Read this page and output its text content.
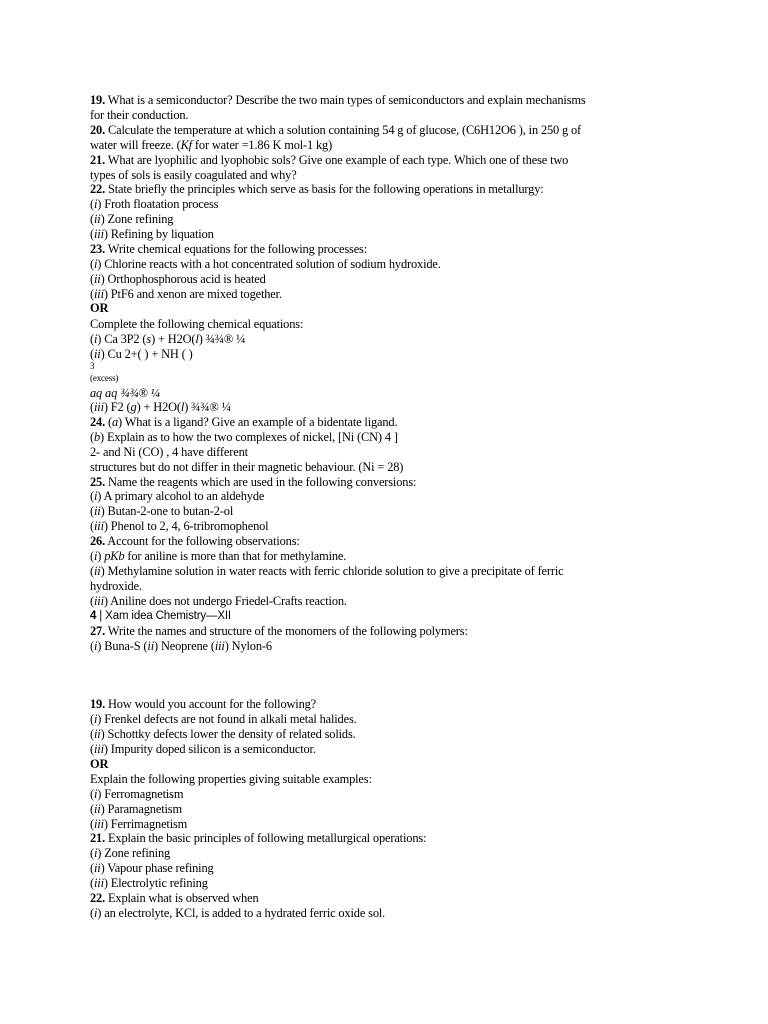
19. What is a semiconductor? Describe the two main types of semiconductors and explain mechanisms
for their conduction.
20. Calculate the temperature at which a solution containing 54 g of glucose, (C6H12O6 ), in 250 g of
water will freeze. (Kf for water =1.86 K mol-1 kg)
21. What are lyophilic and lyophobic sols? Give one example of each type. Which one of these two
types of sols is easily coagulated and why?
22. State briefly the principles which serve as basis for the following operations in metallurgy:
(i) Froth floatation process
(ii) Zone refining
(iii) Refining by liquation
23. Write chemical equations for the following processes:
(i) Chlorine reacts with a hot concentrated solution of sodium hydroxide.
(ii) Orthophosphorous acid is heated
(iii) PtF6 and xenon are mixed together.
OR
Complete the following chemical equations:
(i) Ca 3P2 (s) + H2O(l) ¾¾® ¼
(ii) Cu 2+( ) + NH ( )
3
(excess)
aq aq ¾¾® ¼
(iii) F2 (g) + H2O(l) ¾¾® ¼
24. (a) What is a ligand? Give an example of a bidentate ligand.
(b) Explain as to how the two complexes of nickel, [Ni (CN) 4 ]
2- and Ni (CO) , 4 have different
structures but do not differ in their magnetic behaviour. (Ni = 28)
25. Name the reagents which are used in the following conversions:
(i) A primary alcohol to an aldehyde
(ii) Butan-2-one to butan-2-ol
(iii) Phenol to 2, 4, 6-tribromophenol
26. Account for the following observations:
(i) pKb for aniline is more than that for methylamine.
(ii) Methylamine solution in water reacts with ferric chloride solution to give a precipitate of ferric
hydroxide.
(iii) Aniline does not undergo Friedel-Crafts reaction.
4 | Xam idea Chemistry—XII
27. Write the names and structure of the monomers of the following polymers:
(i) Buna-S (ii) Neoprene (iii) Nylon-6
19. How would you account for the following?
(i) Frenkel defects are not found in alkali metal halides.
(ii) Schottky defects lower the density of related solids.
(iii) Impurity doped silicon is a semiconductor.
OR
Explain the following properties giving suitable examples:
(i) Ferromagnetism
(ii) Paramagnetism
(iii) Ferrimagnetism
21. Explain the basic principles of following metallurgical operations:
(i) Zone refining
(ii) Vapour phase refining
(iii) Electrolytic refining
22. Explain what is observed when
(i) an electrolyte, KCl, is added to a hydrated ferric oxide sol.
